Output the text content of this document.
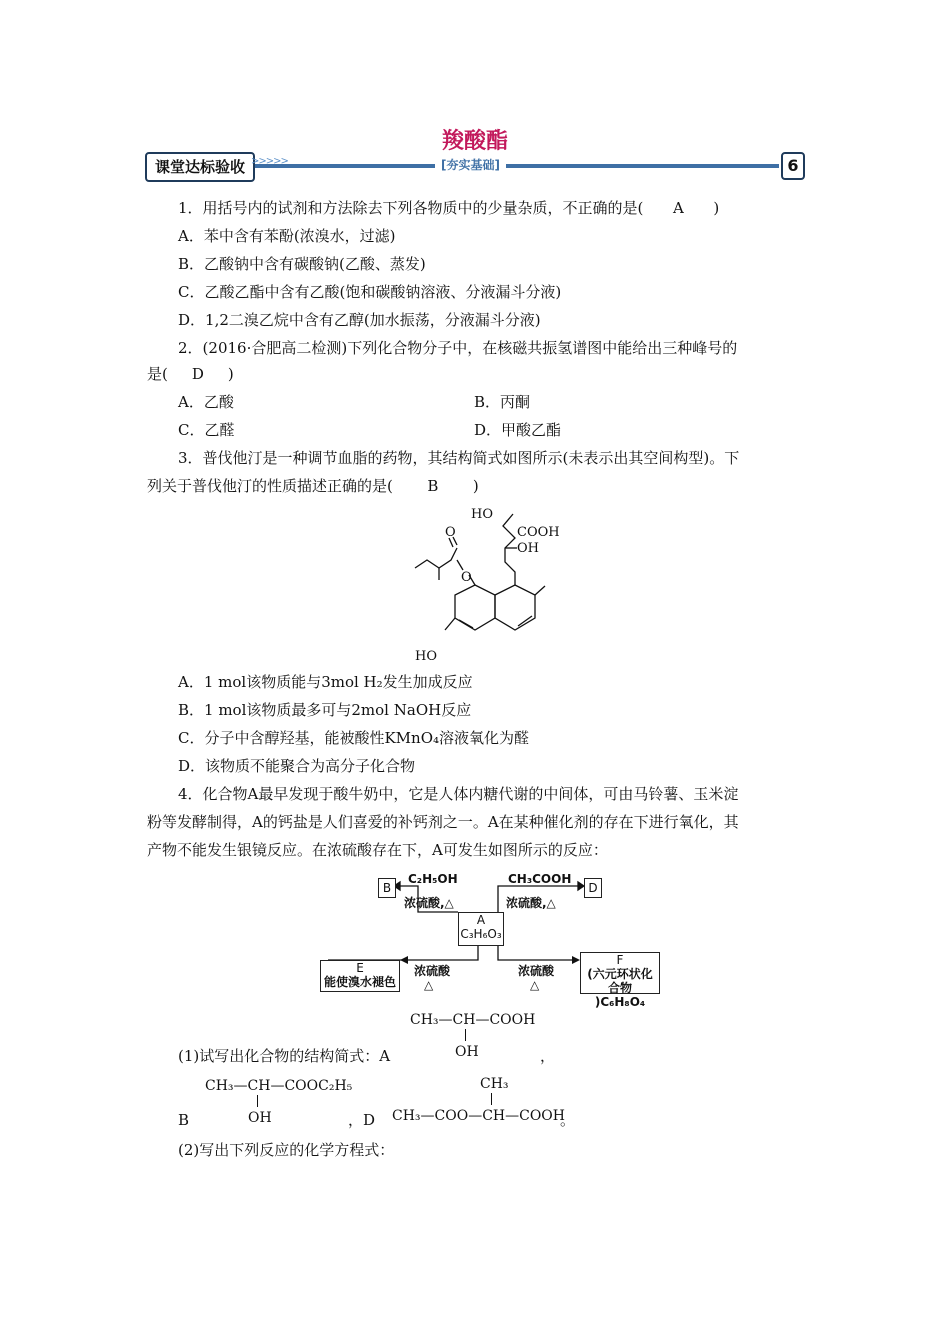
羧酸酯
课堂达标验收 >>>>>	[夯实基础]	6
1．用括号内的试剂和方法除去下列各物质中的少量杂质，不正确的是( A )
A．苯中含有苯酚(浓溴水，过滤)
B．乙酸钠中含有碳酸钠(乙酸、蒸发)
C．乙酸乙酯中含有乙酸(饱和碳酸钠溶液、分液漏斗分液)
D．1,2二溴乙烷中含有乙醇(加水振荡，分液漏斗分液)
2．(2016·合肥高二检测)下列化合物分子中，在核磁共振氢谱图中能给出三种峰号的
是( D )
A．乙酸	B．丙酮
C．乙醛	D．甲酸乙酯
3．普伐他汀是一种调节血脂的药物，其结构简式如图所示(未表示出其空间构型)。下
列关于普伐他汀的性质描述正确的是( B )
HO
COOH
OH
O
O
HO
A．1 mol该物质能与3mol H₂发生加成反应
B．1 mol该物质最多可与2mol NaOH反应
C．分子中含醇羟基，能被酸性KMnO₄溶液氧化为醛
D．该物质不能聚合为高分子化合物
4．化合物A最早发现于酸牛奶中，它是人体内糖代谢的中间体，可由马铃薯、玉米淀
粉等发酵制得，A的钙盐是人们喜爱的补钙剂之一。A在某种催化剂的存在下进行氧化，其
产物不能发生银镜反应。在浓硫酸存在下，A可发生如图所示的反应：
B
C₂H₅OH
浓硫酸,△
CH₃COOH
浓硫酸,△
D
A
C₃H₆O₃
E
能使溴水褪色
浓硫酸
△
浓硫酸
△
F
(六元环状化
合物 )C₆H₈O₄
CH₃—CH—COOH
OH
(1)试写出化合物的结构简式：A	，
CH₃—CH—COOC₂H₅
OH
B	，D
CH₃
CH₃—COO—CH—COOH
。
(2)写出下列反应的化学方程式：
